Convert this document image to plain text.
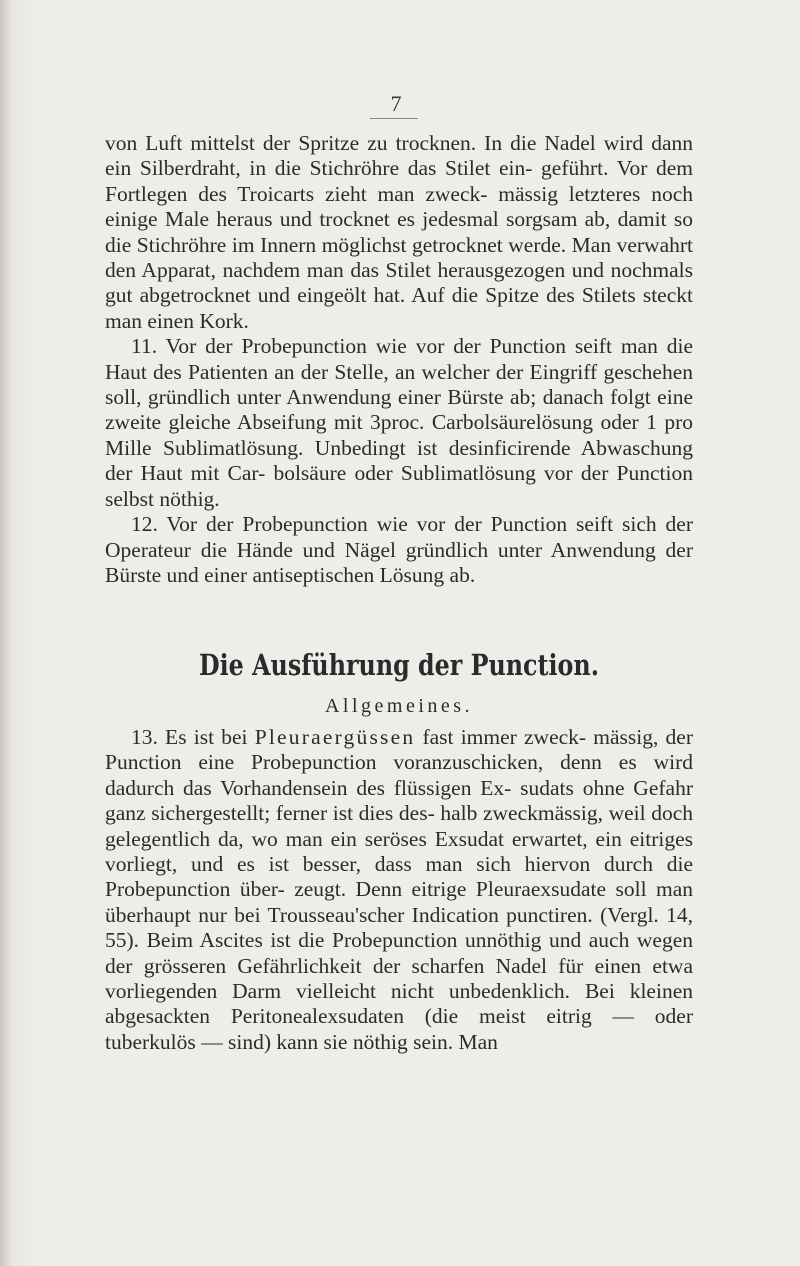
7

von Luft mittelst der Spritze zu trocknen. In die Nadel wird dann ein Silberdraht, in die Stichröhre das Stilet ein- geführt. Vor dem Fortlegen des Troicarts zieht man zweck- mässig letzteres noch einige Male heraus und trocknet es jedesmal sorgsam ab, damit so die Stichröhre im Innern möglichst getrocknet werde. Man verwahrt den Apparat, nachdem man das Stilet herausgezogen und nochmals gut abgetrocknet und eingeölt hat. Auf die Spitze des Stilets steckt man einen Kork.

11. Vor der Probepunction wie vor der Punction seift man die Haut des Patienten an der Stelle, an welcher der Eingriff geschehen soll, gründlich unter Anwendung einer Bürste ab; danach folgt eine zweite gleiche Abseifung mit 3proc. Carbolsäurelösung oder 1 pro Mille Sublimatlösung. Unbedingt ist desinficirende Abwaschung der Haut mit Car- bolsäure oder Sublimatlösung vor der Punction selbst nöthig.

12. Vor der Probepunction wie vor der Punction seift sich der Operateur die Hände und Nägel gründlich unter Anwendung der Bürste und einer antiseptischen Lösung ab.

Die Ausführung der Punction.
Allgemeines.

13. Es ist bei Pleuraergüssen fast immer zweck- mässig, der Punction eine Probepunction voranzuschicken, denn es wird dadurch das Vorhandensein des flüssigen Ex- sudats ohne Gefahr ganz sichergestellt; ferner ist dies des- halb zweckmässig, weil doch gelegentlich da, wo man ein seröses Exsudat erwartet, ein eitriges vorliegt, und es ist besser, dass man sich hiervon durch die Probepunction über- zeugt. Denn eitrige Pleuraexsudate soll man überhaupt nur bei Trousseau'scher Indication punctiren. (Vergl. 14, 55). Beim Ascites ist die Probepunction unnöthig und auch wegen der grösseren Gefährlichkeit der scharfen Nadel für einen etwa vorliegenden Darm vielleicht nicht unbedenklich. Bei kleinen abgesackten Peritonealexsudaten (die meist eitrig — oder tuberkulös — sind) kann sie nöthig sein. Man
